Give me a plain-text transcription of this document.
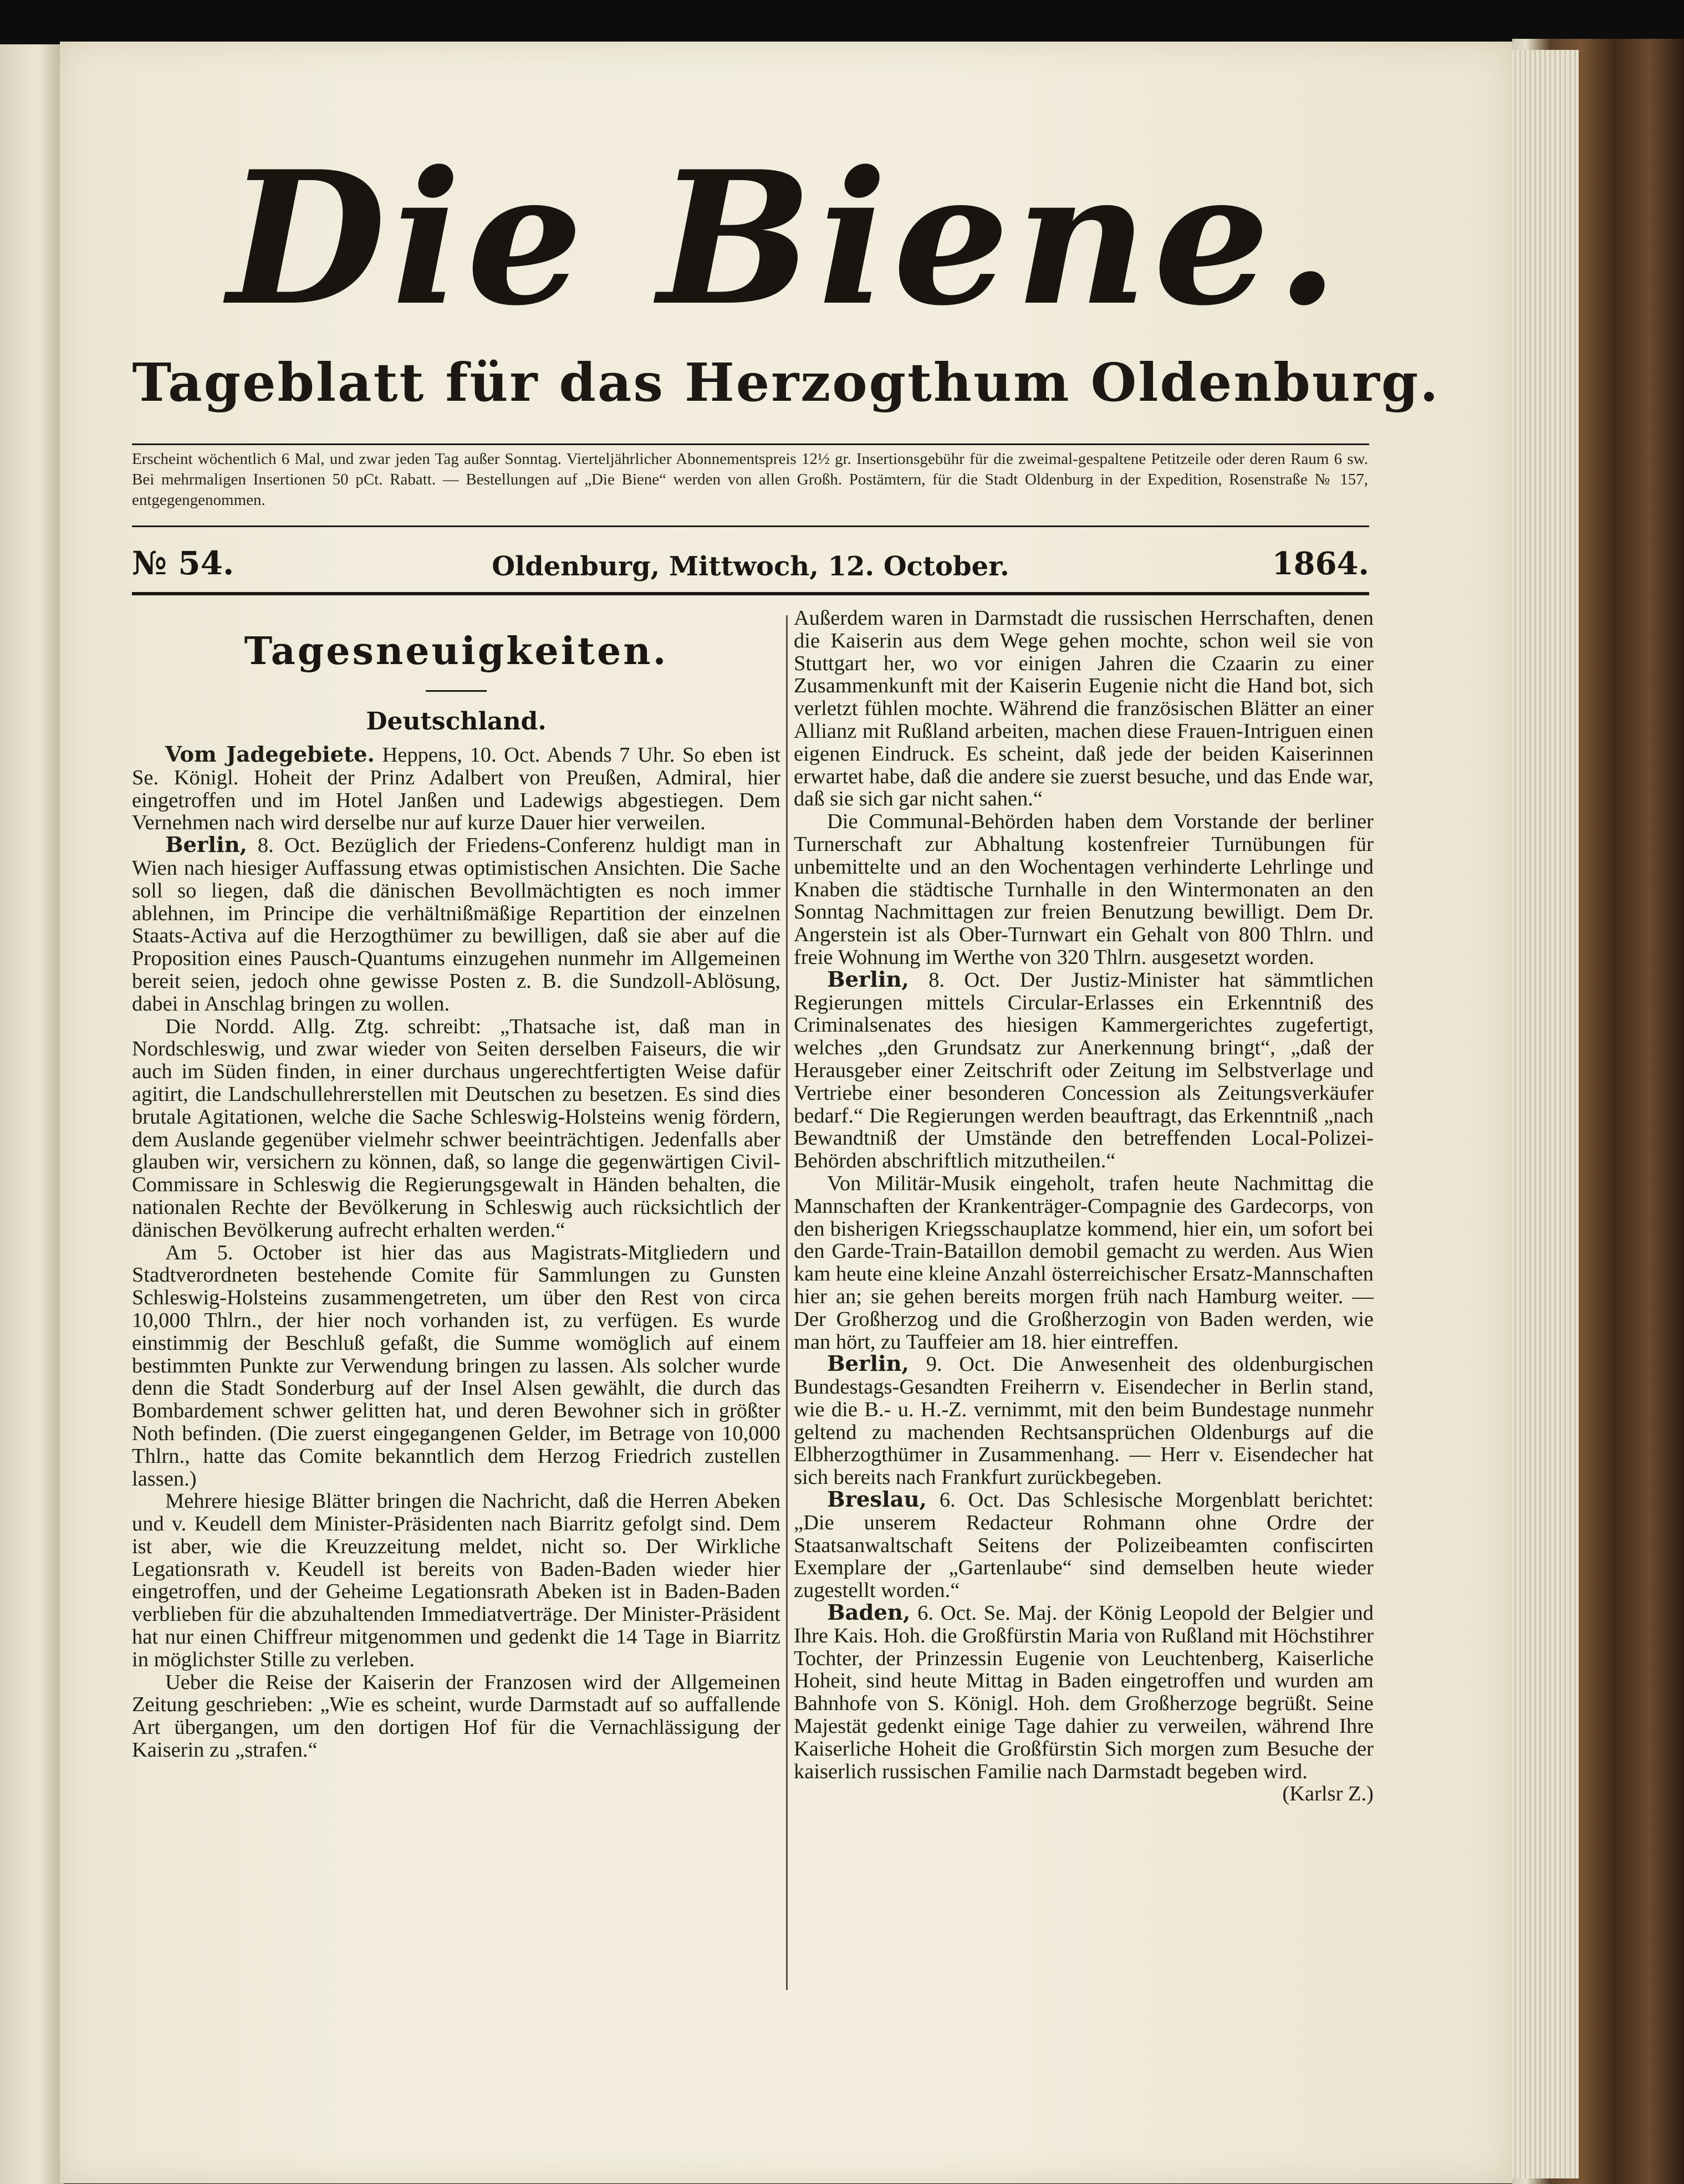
Die Biene.
Tageblatt für das Herzogthum Oldenburg.
Erscheint wöchentlich 6 Mal, und zwar jeden Tag außer Sonntag. Vierteljährlicher Abonnementspreis 12½ gr. Insertionsgebühr für die zweimal-gespaltene Petitzeile oder deren Raum 6 sw. Bei mehrmaligen Insertionen 50 pCt. Rabatt. — Bestellungen auf „Die Biene“ werden von allen Großh. Postämtern, für die Stadt Oldenburg in der Expedition, Rosenstraße № 157, entgegengenommen.
№ 54.	Oldenburg, Mittwoch, 12. October.	1864.
Tagesneuigkeiten.
Deutschland.

Vom Jadegebiete. Heppens, 10. Oct. Abends 7 Uhr. So eben ist Se. Königl. Hoheit der Prinz Adalbert von Preußen, Admiral, hier eingetroffen und im Hotel Janßen und Ladewigs abgestiegen. Dem Vernehmen nach wird derselbe nur auf kurze Dauer hier verweilen.

Berlin, 8. Oct. Bezüglich der Friedens-Conferenz huldigt man in Wien nach hiesiger Auffassung etwas optimistischen Ansichten. Die Sache soll so liegen, daß die dänischen Bevollmächtigten es noch immer ablehnen, im Principe die verhältnißmäßige Repartition der einzelnen Staats-Activa auf die Herzogthümer zu bewilligen, daß sie aber auf die Proposition eines Pausch-Quantums einzugehen nunmehr im Allgemeinen bereit seien, jedoch ohne gewisse Posten z. B. die Sundzoll-Ablösung, dabei in Anschlag bringen zu wollen.

Die Nordd. Allg. Ztg. schreibt: „Thatsache ist, daß man in Nordschleswig, und zwar wieder von Seiten derselben Faiseurs, die wir auch im Süden finden, in einer durchaus ungerechtfertigten Weise dafür agitirt, die Landschullehrerstellen mit Deutschen zu besetzen. Es sind dies brutale Agitationen, welche die Sache Schleswig-Holsteins wenig fördern, dem Auslande gegenüber vielmehr schwer beeinträchtigen. Jedenfalls aber glauben wir, versichern zu können, daß, so lange die gegenwärtigen Civil-Commissare in Schleswig die Regierungsgewalt in Händen behalten, die nationalen Rechte der Bevölkerung in Schleswig auch rücksichtlich der dänischen Bevölkerung aufrecht erhalten werden.“

Am 5. October ist hier das aus Magistrats-Mitgliedern und Stadtverordneten bestehende Comite für Sammlungen zu Gunsten Schleswig-Holsteins zusammengetreten, um über den Rest von circa 10,000 Thlrn., der hier noch vorhanden ist, zu verfügen. Es wurde einstimmig der Beschluß gefaßt, die Summe womöglich auf einem bestimmten Punkte zur Verwendung bringen zu lassen. Als solcher wurde denn die Stadt Sonderburg auf der Insel Alsen gewählt, die durch das Bombardement schwer gelitten hat, und deren Bewohner sich in größter Noth befinden. (Die zuerst eingegangenen Gelder, im Betrage von 10,000 Thlrn., hatte das Comite bekanntlich dem Herzog Friedrich zustellen lassen.)

Mehrere hiesige Blätter bringen die Nachricht, daß die Herren Abeken und v. Keudell dem Minister-Präsidenten nach Biarritz gefolgt sind. Dem ist aber, wie die Kreuzzeitung meldet, nicht so. Der Wirkliche Legationsrath v. Keudell ist bereits von Baden-Baden wieder hier eingetroffen, und der Geheime Legationsrath Abeken ist in Baden-Baden verblieben für die abzuhaltenden Immediatverträge. Der Minister-Präsident hat nur einen Chiffreur mitgenommen und gedenkt die 14 Tage in Biarritz in möglichster Stille zu verleben.

Ueber die Reise der Kaiserin der Franzosen wird der Allgemeinen Zeitung geschrieben: „Wie es scheint, wurde Darmstadt auf so auffallende Art übergangen, um den dortigen Hof für die Vernachlässigung der Kaiserin zu „strafen.“

Außerdem waren in Darmstadt die russischen Herrschaften, denen die Kaiserin aus dem Wege gehen mochte, schon weil sie von Stuttgart her, wo vor einigen Jahren die Czaarin zu einer Zusammenkunft mit der Kaiserin Eugenie nicht die Hand bot, sich verletzt fühlen mochte. Während die französischen Blätter an einer Allianz mit Rußland arbeiten, machen diese Frauen-Intriguen einen eigenen Eindruck. Es scheint, daß jede der beiden Kaiserinnen erwartet habe, daß die andere sie zuerst besuche, und das Ende war, daß sie sich gar nicht sahen.“

Die Communal-Behörden haben dem Vorstande der berliner Turnerschaft zur Abhaltung kostenfreier Turnübungen für unbemittelte und an den Wochentagen verhinderte Lehrlinge und Knaben die städtische Turnhalle in den Wintermonaten an den Sonntag Nachmittagen zur freien Benutzung bewilligt. Dem Dr. Angerstein ist als Ober-Turnwart ein Gehalt von 800 Thlrn. und freie Wohnung im Werthe von 320 Thlrn. ausgesetzt worden.

Berlin, 8. Oct. Der Justiz-Minister hat sämmtlichen Regierungen mittels Circular-Erlasses ein Erkenntniß des Criminalsenates des hiesigen Kammergerichtes zugefertigt, welches „den Grundsatz zur Anerkennung bringt“, „daß der Herausgeber einer Zeitschrift oder Zeitung im Selbstverlage und Vertriebe einer besonderen Concession als Zeitungsverkäufer bedarf.“ Die Regierungen werden beauftragt, das Erkenntniß „nach Bewandtniß der Umstände den betreffenden Local-Polizei-Behörden abschriftlich mitzutheilen.“

Von Militär-Musik eingeholt, trafen heute Nachmittag die Mannschaften der Krankenträger-Compagnie des Gardecorps, von den bisherigen Kriegsschauplatze kommend, hier ein, um sofort bei den Garde-Train-Bataillon demobil gemacht zu werden. Aus Wien kam heute eine kleine Anzahl österreichischer Ersatz-Mannschaften hier an; sie gehen bereits morgen früh nach Hamburg weiter. — Der Großherzog und die Großherzogin von Baden werden, wie man hört, zu Tauffeier am 18. hier eintreffen.

Berlin, 9. Oct. Die Anwesenheit des oldenburgischen Bundestags-Gesandten Freiherrn v. Eisendecher in Berlin stand, wie die B.- u. H.-Z. vernimmt, mit den beim Bundestage nunmehr geltend zu machenden Rechtsansprüchen Oldenburgs auf die Elbherzogthümer in Zusammenhang. — Herr v. Eisendecher hat sich bereits nach Frankfurt zurückbegeben.

Breslau, 6. Oct. Das Schlesische Morgenblatt berichtet: „Die unserem Redacteur Rohmann ohne Ordre der Staatsanwaltschaft Seitens der Polizeibeamten confiscirten Exemplare der „Gartenlaube“ sind demselben heute wieder zugestellt worden.“

Baden, 6. Oct. Se. Maj. der König Leopold der Belgier und Ihre Kais. Hoh. die Großfürstin Maria von Rußland mit Höchstihrer Tochter, der Prinzessin Eugenie von Leuchtenberg, Kaiserliche Hoheit, sind heute Mittag in Baden eingetroffen und wurden am Bahnhofe von S. Königl. Hoh. dem Großherzoge begrüßt. Seine Majestät gedenkt einige Tage dahier zu verweilen, während Ihre Kaiserliche Hoheit die Großfürstin Sich morgen zum Besuche der kaiserlich russischen Familie nach Darmstadt begeben wird.
(Karlsr Z.)
